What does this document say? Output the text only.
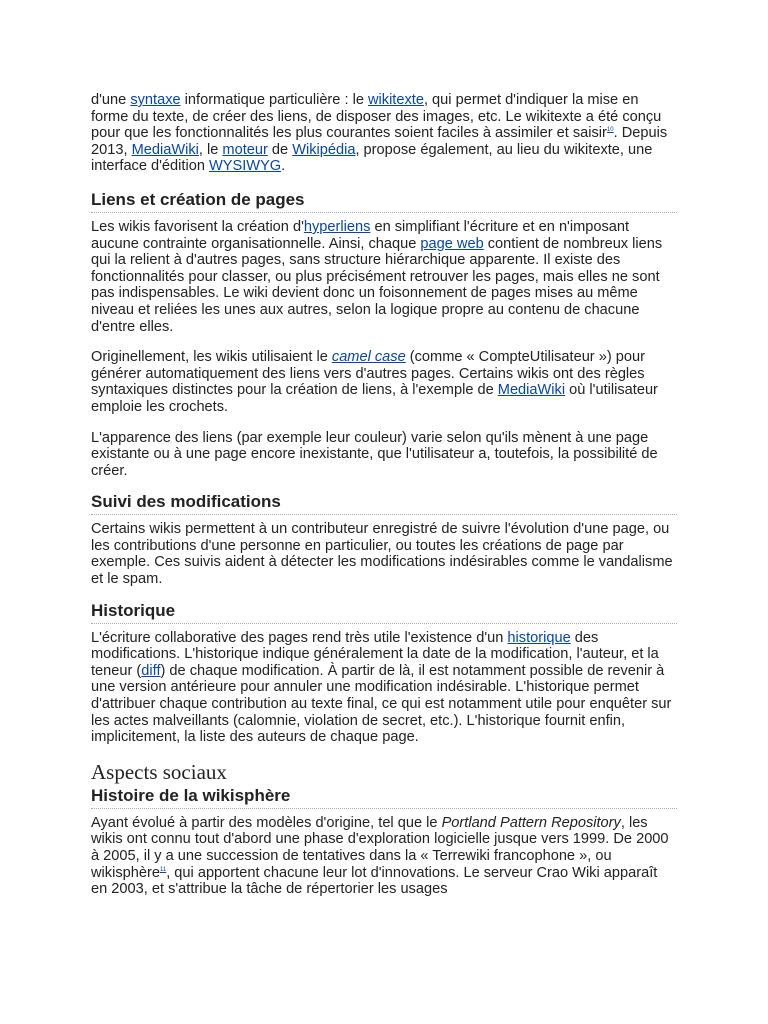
d'une syntaxe informatique particulière : le wikitexte, qui permet d'indiquer la mise en forme du texte, de créer des liens, de disposer des images, etc. Le wikitexte a été conçu pour que les fonctionnalités les plus courantes soient faciles à assimiler et saisir$^{10}$. Depuis 2013, MediaWiki, le moteur de Wikipédia, propose également, au lieu du wikitexte, une interface d'édition WYSIWYG.

Liens et création de pages

Les wikis favorisent la création d'hyperliens en simplifiant l'écriture et en n'imposant aucune contrainte organisationnelle. Ainsi, chaque page web contient de nombreux liens qui la relient à d'autres pages, sans structure hiérarchique apparente. Il existe des fonctionnalités pour classer, ou plus précisément retrouver les pages, mais elles ne sont pas indispensables. Le wiki devient donc un foisonnement de pages mises au même niveau et reliées les unes aux autres, selon la logique propre au contenu de chacune d'entre elles.

Originellement, les wikis utilisaient le camel case (comme « CompteUtilisateur ») pour générer automatiquement des liens vers d'autres pages. Certains wikis ont des règles syntaxiques distinctes pour la création de liens, à l'exemple de MediaWiki où l'utilisateur emploie les crochets.

L'apparence des liens (par exemple leur couleur) varie selon qu'ils mènent à une page existante ou à une page encore inexistante, que l'utilisateur a, toutefois, la possibilité de créer.

Suivi des modifications

Certains wikis permettent à un contributeur enregistré de suivre l'évolution d'une page, ou les contributions d'une personne en particulier, ou toutes les créations de page par exemple. Ces suivis aident à détecter les modifications indésirables comme le vandalisme et le spam.

Historique

L'écriture collaborative des pages rend très utile l'existence d'un historique des modifications. L'historique indique généralement la date de la modification, l'auteur, et la teneur (diff) de chaque modification. À partir de là, il est notamment possible de revenir à une version antérieure pour annuler une modification indésirable. L'historique permet d'attribuer chaque contribution au texte final, ce qui est notamment utile pour enquêter sur les actes malveillants (calomnie, violation de secret, etc.). L'historique fournit enfin, implicitement, la liste des auteurs de chaque page.

Aspects sociaux
Histoire de la wikisphère

Ayant évolué à partir des modèles d'origine, tel que le Portland Pattern Repository, les wikis ont connu tout d'abord une phase d'exploration logicielle jusque vers 1999. De 2000 à 2005, il y a une succession de tentatives dans la « Terrewiki francophone », ou wikisphère$^{11}$, qui apportent chacune leur lot d'innovations. Le serveur Crao Wiki apparaît en 2003, et s'attribue la tâche de répertorier les usages
